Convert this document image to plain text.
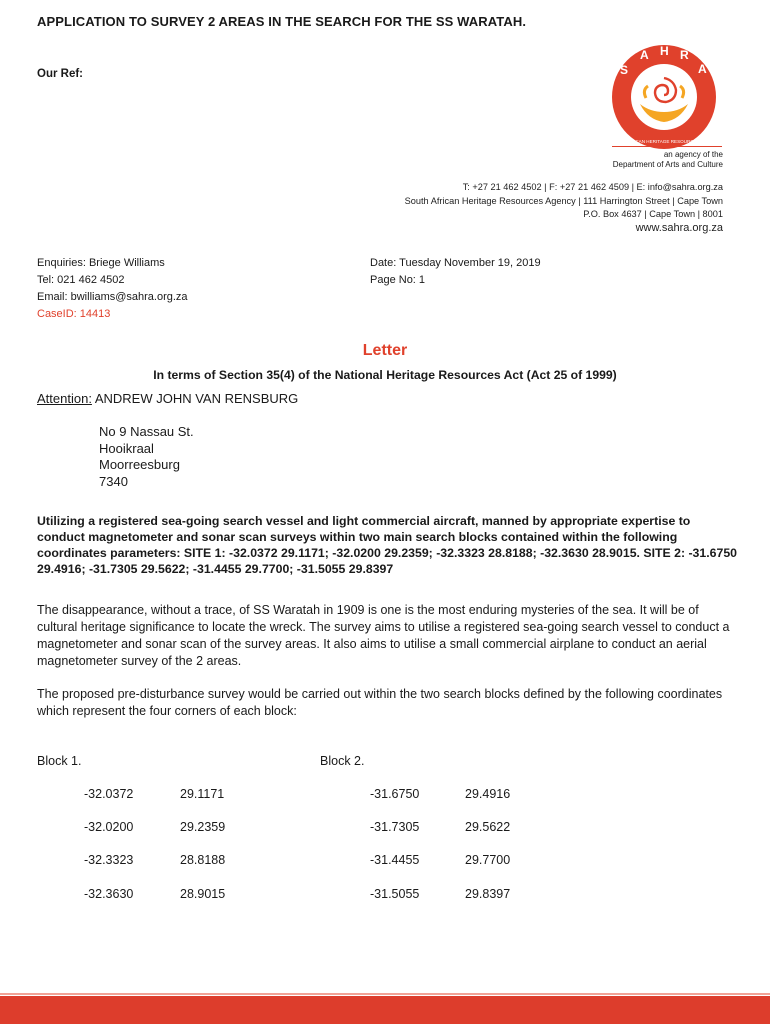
APPLICATION TO SURVEY 2 AREAS IN THE SEARCH FOR THE SS WARATAH.
Our Ref:	S
A H R
A
SOUTH AFRICAN HERITAGE RESOURCES AGENCY
an agency of the
Department of Arts and Culture
T: +27 21 462 4502 | F: +27 21 462 4509 | E: info@sahra.org.za
South African Heritage Resources Agency | 111 Harrington Street | Cape Town
P.O. Box 4637 | Cape Town | 8001
www.sahra.org.za
Enquiries: Briege Williams
Tel: 021 462 4502
Email: bwilliams@sahra.org.za
CaseID: 14413
Date: Tuesday November 19, 2019
Page No: 1
Letter
In terms of Section 35(4) of the National Heritage Resources Act (Act 25 of 1999)
Attention: ANDREW JOHN VAN RENSBURG
No 9 Nassau St.
Hooikraal
Moorreesburg
7340
Utilizing a registered sea-going search vessel and light commercial aircraft, manned by appropriate expertise to conduct magnetometer and sonar scan surveys within two main search blocks contained within the following coordinates parameters: SITE 1: -32.0372 29.1171; -32.0200 29.2359; -32.3323 28.8188; -32.3630 28.9015. SITE 2: -31.6750 29.4916; -31.7305 29.5622; -31.4455 29.7700; -31.5055 29.8397
The disappearance, without a trace, of SS Waratah in 1909 is one is the most enduring mysteries of the sea. It will be of cultural heritage significance to locate the wreck. The survey aims to utilise a registered sea-going search vessel to conduct a magnetometer and sonar scan of the survey areas. It also aims to utilise a small commercial airplane to conduct an aerial magnetometer survey of the 2 areas.
The proposed pre-disturbance survey would be carried out within the two search blocks defined by the following coordinates which represent the four corners of each block:
Block 1.
-32.0372	29.1171
-32.0200	29.2359
-32.3323	28.8188
-32.3630	28.9015
Block 2.
-31.6750	29.4916
-31.7305	29.5622
-31.4455	29.7700
-31.5055	29.8397
